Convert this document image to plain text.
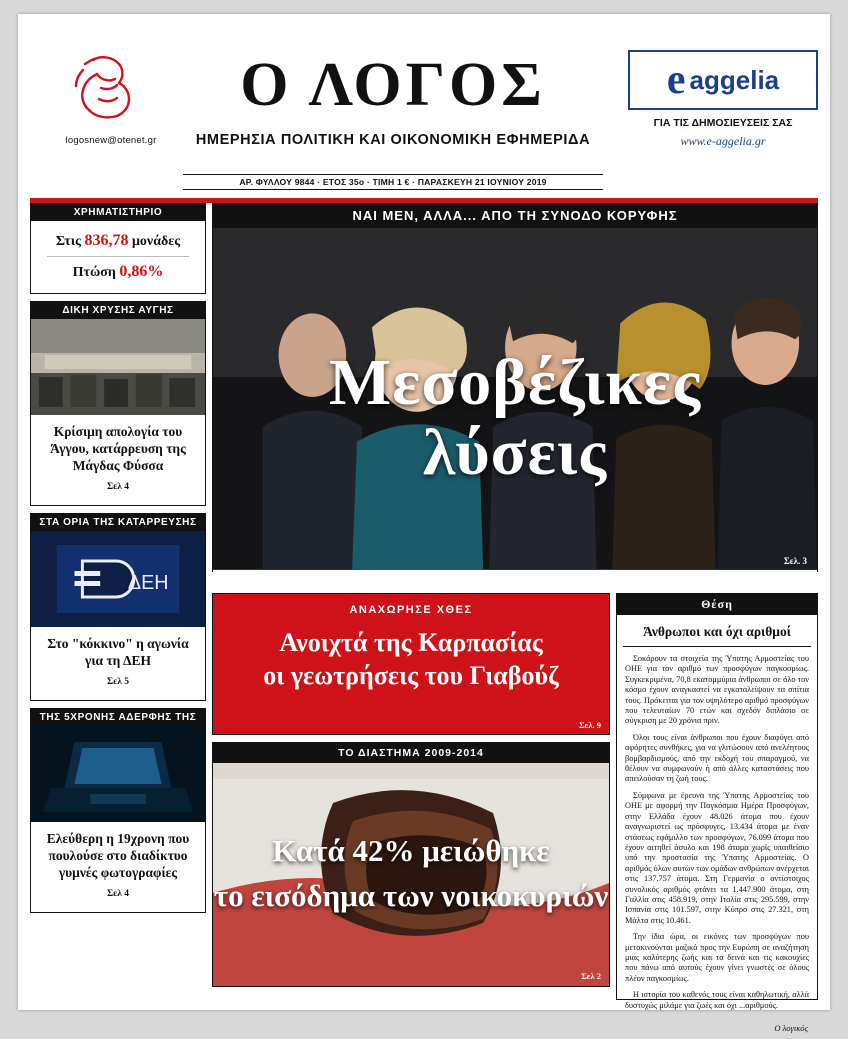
logosnew@otenet.gr
Ο ΛΟΓΟΣ
ΗΜΕΡΗΣΙΑ ΠΟΛΙΤΙΚΗ ΚΑΙ ΟΙΚΟΝΟΜΙΚΗ ΕΦΗΜΕΡΙΔΑ
e aggelia
ΓΙΑ ΤΙΣ ΔΗΜΟΣΙΕΥΣΕΙΣ ΣΑΣ
www.e-aggelia.gr
ΑΡ. ΦΥΛΛΟΥ 9844 · ΕΤΟΣ 35ο · ΤΙΜΗ 1 € · ΠΑΡΑΣΚΕΥΗ 21 ΙΟΥΝΙΟΥ 2019
ΧΡΗΜΑΤΙΣΤΗΡΙΟ
Στις 836,78 μονάδες
Πτώση 0,86%
ΔΙΚΗ ΧΡΥΣΗΣ ΑΥΓΗΣ
Κρίσιμη απολογία του Άγγου, κατάρρευση της Μάγδας Φύσσα
Σελ 4
ΣΤΑ ΟΡΙΑ ΤΗΣ ΚΑΤΑΡΡΕΥΣΗΣ
ΔΕΗ
Στο "κόκκινο" η αγωνία για τη ΔΕΗ
Σελ 5
ΤΗΣ 5ΧΡΟΝΗΣ ΑΔΕΡΦΗΣ ΤΗΣ
Ελεύθερη η 19χρονη που πουλούσε στο διαδίκτυο γυμνές φωτογραφίες
Σελ 4
ΝΑΙ ΜΕΝ, ΑΛΛΑ... ΑΠΟ ΤΗ ΣΥΝΟΔΟ ΚΟΡΥΦΗΣ
Μεσοβέζικες
λύσεις
Σελ. 3
ΑΝΑΧΩΡΗΣΕ ΧΘΕΣ
Ανοιχτά της Καρπασίας
οι γεωτρήσεις του Γιαβούζ
Σελ. 9
ΤΟ ΔΙΑΣΤΗΜΑ 2009-2014
Κατά 42% μειώθηκε
το εισόδημα των νοικοκυριών
Σελ 2
Θέση
Άνθρωποι και όχι αριθμοί

Σοκάρουν τα στοιχεία της Ύπατης Αρμοστείας του ΟΗΕ για τον αριθμό των προσφύγων παγκοσμίως. Συγκεκριμένα, 70,8 εκατομμύρια άνθρωποι σε όλο τον κόσμο έχουν αναγκαστεί να εγκαταλείψουν τα σπίτια τους. Πρόκειται για τον υψηλότερο αριθμό προσφύγων που τελευταίων 70 ετών και σχεδόν διπλάσιο σε σύγκριση με 20 χρόνια πριν.

Όλοι τους είναι άνθρωποι που έχουν διαφύγει από αφόρητες συνθήκες, για να γλιτώσουν από ανελέητους βομβαρδισμούς, από την εκδοχή του σπαραγμού, να θέλουν να συμφωνούν ή από άλλες καταστάσεις που απειλούσαν τη ζωή τους.

Σύμφωνα με έρευνα της Ύπατης Αρμοστείας του ΟΗΕ με αφορμή την Παγκόσμια Ημέρα Προσφύγων, στην Ελλάδα έχουν 48.026 άτομα που έχουν αναγνωριστεί ως πρόσφυγες, 13.434 άτομα με έναν στάσεως εφάμιλλο των προσφύγων, 76.099 άτομα που έχουν αιτηθεί άσυλο και 198 άτομα χωρίς υπαιθείσιο υπό την προστασία της Ύπατης Αρμοστείας. Ο αριθμός όλων αυτών των ομάδων ανθρώπων ανέρχεται στις 137.757 άτομα. Στη Γερμανία ο αντίστοιχος συνολικός αριθμός φτάνει τα 1.447.900 άτομα, στη Γαλλία στις 458.919, στην Ιταλία στις 295.599, στην Ισπανία στις 101.597, στην Κύπρο στις 27.321, στη Μάλτα στις 10.461.

Την ίδια ώρα, οι εικόνες των προσφύγων που μετακινούνται μαζικά προς την Ευρώπη σε αναζήτηση μιας καλύτερης ζωής και τα δεινά και τις κακουχίες που πάνω από αυτούς έχουν γίνει γνωστές σε όλους πλέον παγκοσμίως.

Η ιστορία του καθενός τους είναι καθηλωτική, αλλά δυστυχώς μιλάμε για ζωές και όχι ...αριθμούς.

Ο λογικός
